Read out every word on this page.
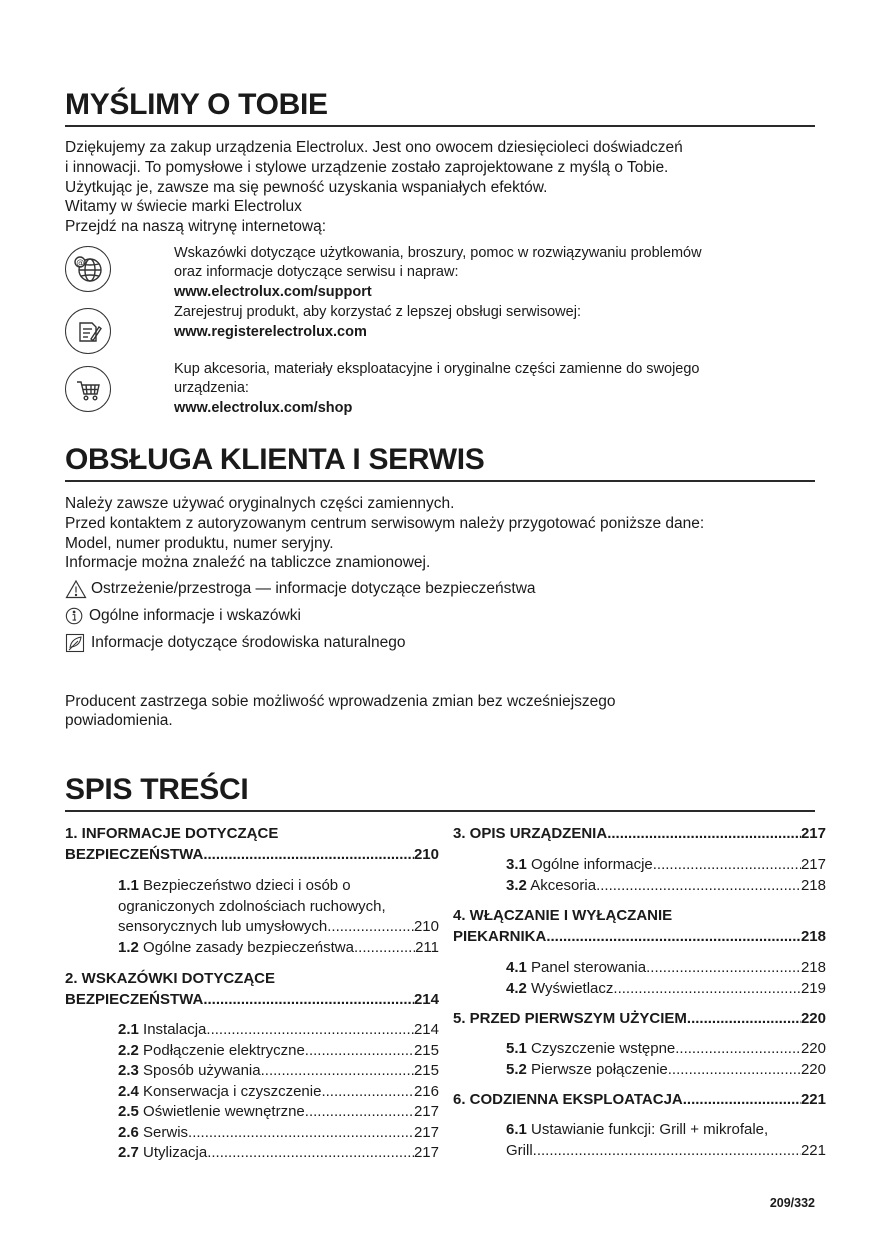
MYŚLIMY O TOBIE
Dziękujemy za zakup urządzenia Electrolux. Jest ono owocem dziesięcioleci doświadczeń
i innowacji. To pomysłowe i stylowe urządzenie zostało zaprojektowane z myślą o Tobie.
Użytkując je, zawsze ma się pewność uzyskania wspaniałych efektów.
Witamy w świecie marki Electrolux
Przejdź na naszą witrynę internetową:
@
Wskazówki dotyczące użytkowania, broszury, pomoc w rozwiązywaniu problemów
oraz informacje dotyczące serwisu i napraw:
www.electrolux.com/support
Zarejestruj produkt, aby korzystać z lepszej obsługi serwisowej:
www.registerelectrolux.com
Kup akcesoria, materiały eksploatacyjne i oryginalne części zamienne do swojego
urządzenia:
www.electrolux.com/shop
OBSŁUGA KLIENTA I SERWIS
Należy zawsze używać oryginalnych części zamiennych.
Przed kontaktem z autoryzowanym centrum serwisowym należy przygotować poniższe dane:
Model, numer produktu, numer seryjny.
Informacje można znaleźć na tabliczce znamionowej.
Ostrzeżenie/przestroga — informacje dotyczące bezpieczeństwa
Ogólne informacje i wskazówki
Informacje dotyczące środowiska naturalnego
Producent zastrzega sobie możliwość wprowadzenia zmian bez wcześniejszego
powiadomienia.
SPIS TREŚCI
1. INFORMACJE DOTYCZĄCE
BEZPIECZEŃSTWA .....	210
1.1 Bezpieczeństwo dzieci i osób o
ograniczonych zdolnościach ruchowych,
sensorycznych lub umysłowych .....	210
1.2 Ogólne zasady bezpieczeństwa .....	211
2. WSKAZÓWKI DOTYCZĄCE
BEZPIECZEŃSTWA .....	214
2.1 Instalacja .....	214
2.2 Podłączenie elektryczne .....	215
2.3 Sposób używania .....	215
2.4 Konserwacja i czyszczenie .....	216
2.5 Oświetlenie wewnętrzne .....	217
2.6 Serwis .....	217
2.7 Utylizacja .....	217
3. OPIS URZĄDZENIA .....	217
3.1 Ogólne informacje .....	217
3.2 Akcesoria .....	218
4. WŁĄCZANIE I WYŁĄCZANIE
PIEKARNIKA .....	218
4.1 Panel sterowania .....	218
4.2 Wyświetlacz .....	219
5. PRZED PIERWSZYM UŻYCIEM .....	220
5.1 Czyszczenie wstępne .....	220
5.2 Pierwsze połączenie .....	220
6. CODZIENNA EKSPLOATACJA .....	221
6.1 Ustawianie funkcji: Grill + mikrofale,
Grill .....	221
209/332
